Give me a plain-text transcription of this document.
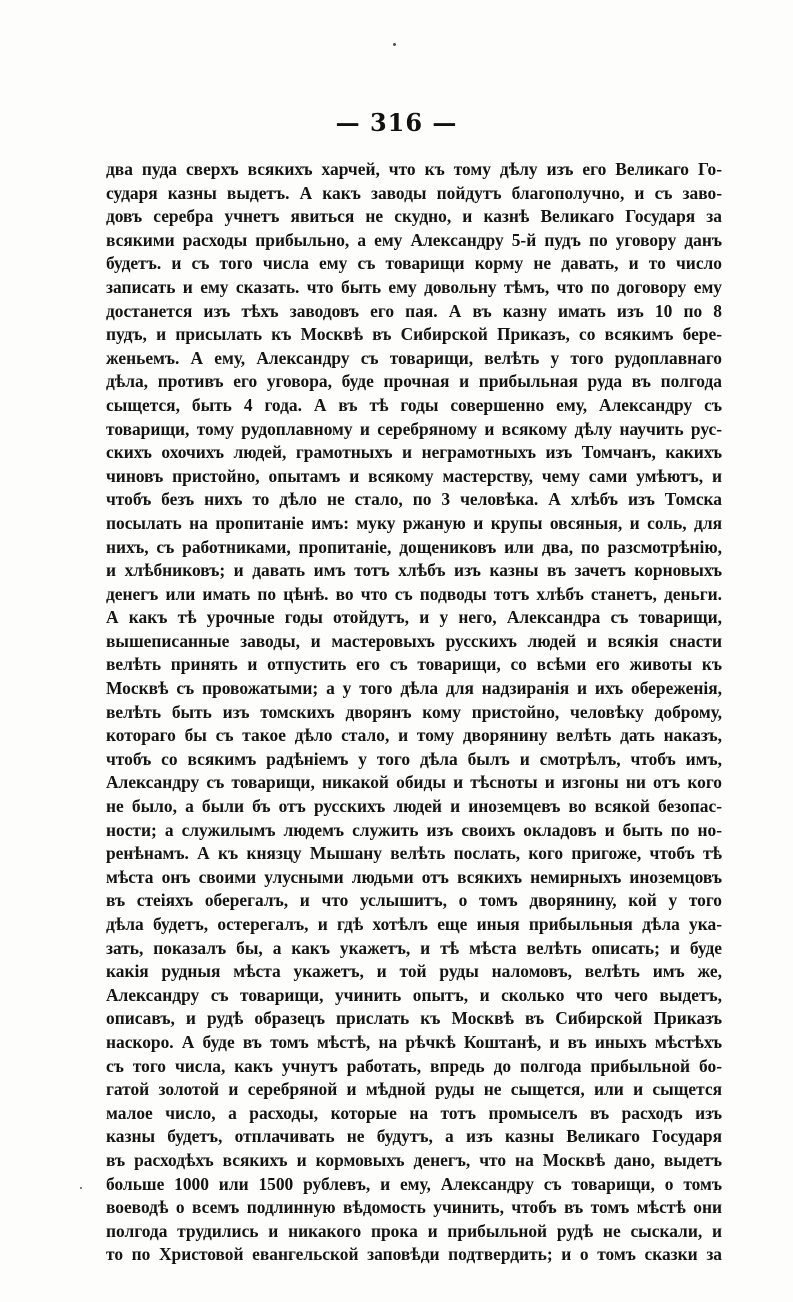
— 316 —
два пуда сверхъ всякихъ харчей, что къ тому дѣлу изъ его Великаго Го-
сударя казны выдетъ. А какъ заводы пойдутъ благополучно, и съ заво-
довъ серебра учнетъ явиться не скудно, и казнѣ Великаго Государя за
всякими расходы прибыльно, а ему Александру 5-й пудъ по уговору данъ
будетъ. и съ того числа ему съ товарищи корму не давать, и то число
записать и ему сказать. что быть ему довольну тѣмъ, что по договору ему
достанется изъ тѣхъ заводовъ его пая. А въ казну имать изъ 10 по 8
пудъ, и присылать къ Москвѣ въ Сибирской Приказъ, со всякимъ бере-
женьемъ. А ему, Александру съ товарищи, велѣть у того рудоплавнаго
дѣла, противъ его уговора, буде прочная и прибыльная руда въ полгода
сыщется, быть 4 года. А въ тѣ годы совершенно ему, Александру съ
товарищи, тому рудоплавному и серебряному и всякому дѣлу научить рус-
скихъ охочихъ людей, грамотныхъ и неграмотныхъ изъ Томчанъ, какихъ
чиновъ пристойно, опытамъ и всякому мастерству, чему сами умѣютъ, и
чтобъ безъ нихъ то дѣло не стало, по 3 человѣка. А хлѣбъ изъ Томска
посылать на пропитаніе имъ: муку ржаную и крупы овсяныя, и соль, для
нихъ, съ работниками, пропитаніе, дощениковъ или два, по разсмотрѣнію,
и хлѣбниковъ; и давать имъ тотъ хлѣбъ изъ казны въ зачетъ корновыхъ
денегъ или имать по цѣнѣ. во что съ подводы тотъ хлѣбъ станетъ, деньги.
А какъ тѣ урочные годы отойдутъ, и у него, Александра съ товарищи,
вышеписанные заводы, и мастеровыхъ русскихъ людей и всякія снасти
велѣть принять и отпустить его съ товарищи, со всѣми его животы къ
Москвѣ съ провожатыми; а у того дѣла для надзиранія и ихъ обереженія,
велѣть быть изъ томскихъ дворянъ кому пристойно, человѣку доброму,
котораго бы съ такое дѣло стало, и тому дворянину велѣть дать наказъ,
чтобъ со всякимъ радѣніемъ у того дѣла былъ и смотрѣлъ, чтобъ имъ,
Александру съ товарищи, никакой обиды и тѣсноты и изгоны ни отъ кого
не было, а были бъ отъ русскихъ людей и иноземцевъ во всякой безопас-
ности; а служилымъ людемъ служить изъ своихъ окладовъ и быть по но-
ренѣнамъ. А къ князцу Мышану велѣть послать, кого пригоже, чтобъ тѣ
мѣста онъ своими улусными людьми отъ всякихъ немирныхъ иноземцовъ
въ стеіяхъ оберегалъ, и что услышитъ, о томъ дворянину, кой у того
дѣла будетъ, остерегалъ, и гдѣ хотѣлъ еще иныя прибыльныя дѣла ука-
зать, показалъ бы, а какъ укажетъ, и тѣ мѣста велѣть описать; и буде
какія рудныя мѣста укажетъ, и той руды наломовъ, велѣть имъ же,
Александру съ товарищи, учинить опытъ, и сколько что чего выдетъ,
описавъ, и рудѣ образецъ прислать къ Москвѣ въ Сибирской Приказъ
наскоро. А буде въ томъ мѣстѣ, на рѣчкѣ Коштанѣ, и въ иныхъ мѣстѣхъ
съ того числа, какъ учнутъ работать, впредь до полгода прибыльной бо-
гатой золотой и серебряной и мѣдной руды не сыщется, или и сыщется
малое число, а расходы, которые на тотъ промыселъ въ расходъ изъ
казны будетъ, отплачивать не будутъ, а изъ казны Великаго Государя
въ расходѣхъ всякихъ и кормовыхъ денегъ, что на Москвѣ дано, выдетъ
больше 1000 или 1500 рублевъ, и ему, Александру съ товарищи, о томъ
воеводѣ о всемъ подлинную вѣдомость учинить, чтобъ въ томъ мѣстѣ они
полгода трудились и никакого прока и прибыльной рудѣ не сыскали, и
то по Христовой евангельской заповѣди подтвердить; и о томъ сказки за
